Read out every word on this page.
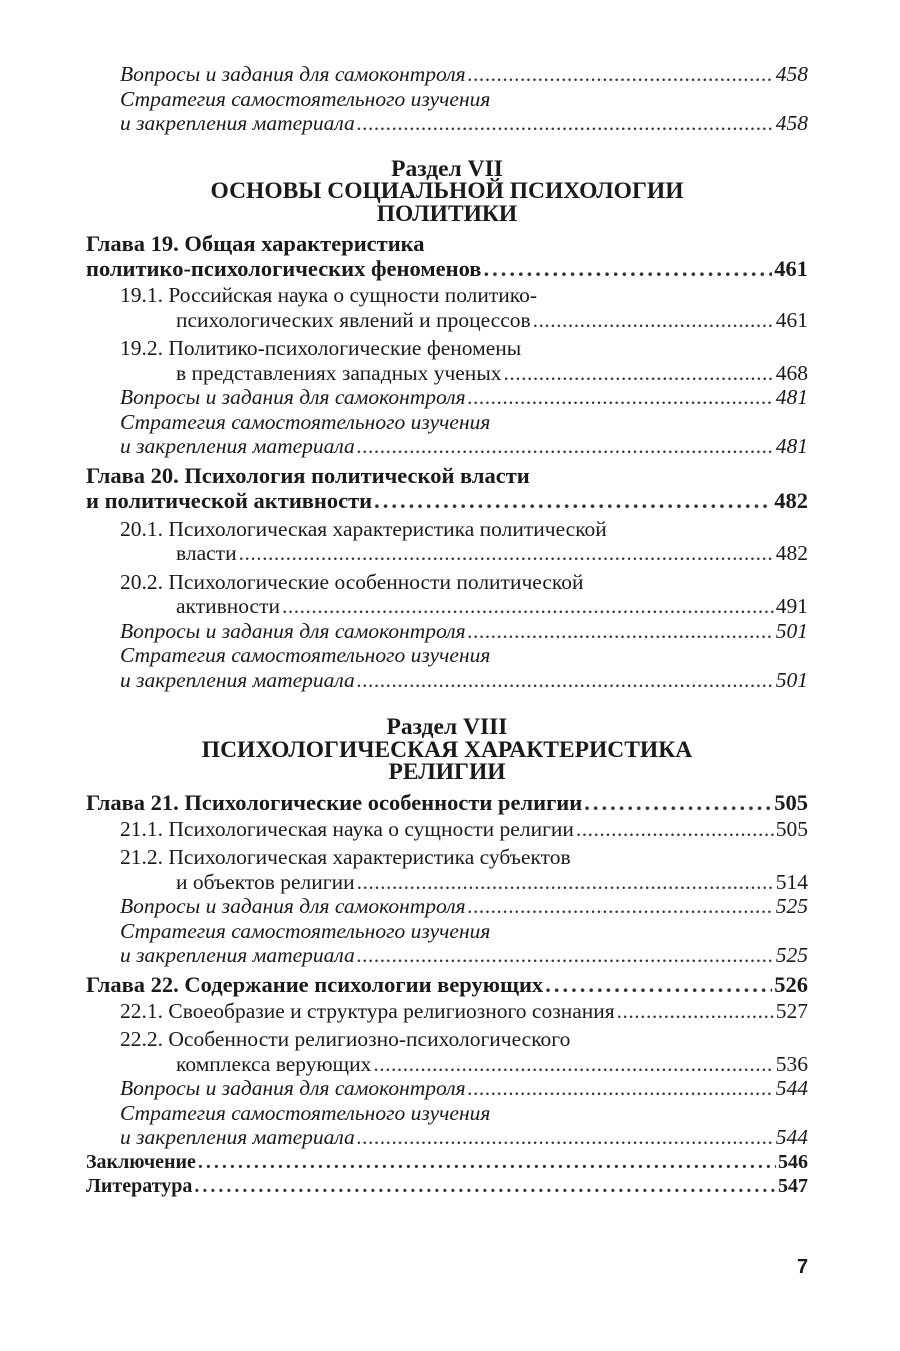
Вопросы и задания для самоконтроля .....	458
Стратегия самостоятельного изучения
и закрепления материала .....	458
Раздел VII
ОСНОВЫ СОЦИАЛЬНОЙ ПСИХОЛОГИИ
ПОЛИТИКИ
Глава 19. Общая характеристика
политико-психологических феноменов .....	461
19.1. Российская наука о сущности политико-
психологических явлений и процессов .....	461
19.2. Политико-психологические феномены
в представлениях западных ученых .....	468
Вопросы и задания для самоконтроля .....	481
Стратегия самостоятельного изучения
и закрепления материала .....	481
Глава 20. Психология политической власти
и политической активности .....	482
20.1. Психологическая характеристика политической
власти .....	482
20.2. Психологические особенности политической
активности .....	491
Вопросы и задания для самоконтроля .....	501
Стратегия самостоятельного изучения
и закрепления материала .....	501
Раздел VIII
ПСИХОЛОГИЧЕСКАЯ ХАРАКТЕРИСТИКА
РЕЛИГИИ
Глава 21. Психологические особенности религии .....	505
21.1. Психологическая наука о сущности религии .....	505
21.2. Психологическая характеристика субъектов
и объектов религии .....	514
Вопросы и задания для самоконтроля .....	525
Стратегия самостоятельного изучения
и закрепления материала .....	525
Глава 22. Содержание психологии верующих .....	526
22.1. Своеобразие и структура религиозного сознания .....	527
22.2. Особенности религиозно-психологического
комплекса верующих .....	536
Вопросы и задания для самоконтроля .....	544
Стратегия самостоятельного изучения
и закрепления материала .....	544
Заключение .....	546
Литература .....	547
7
